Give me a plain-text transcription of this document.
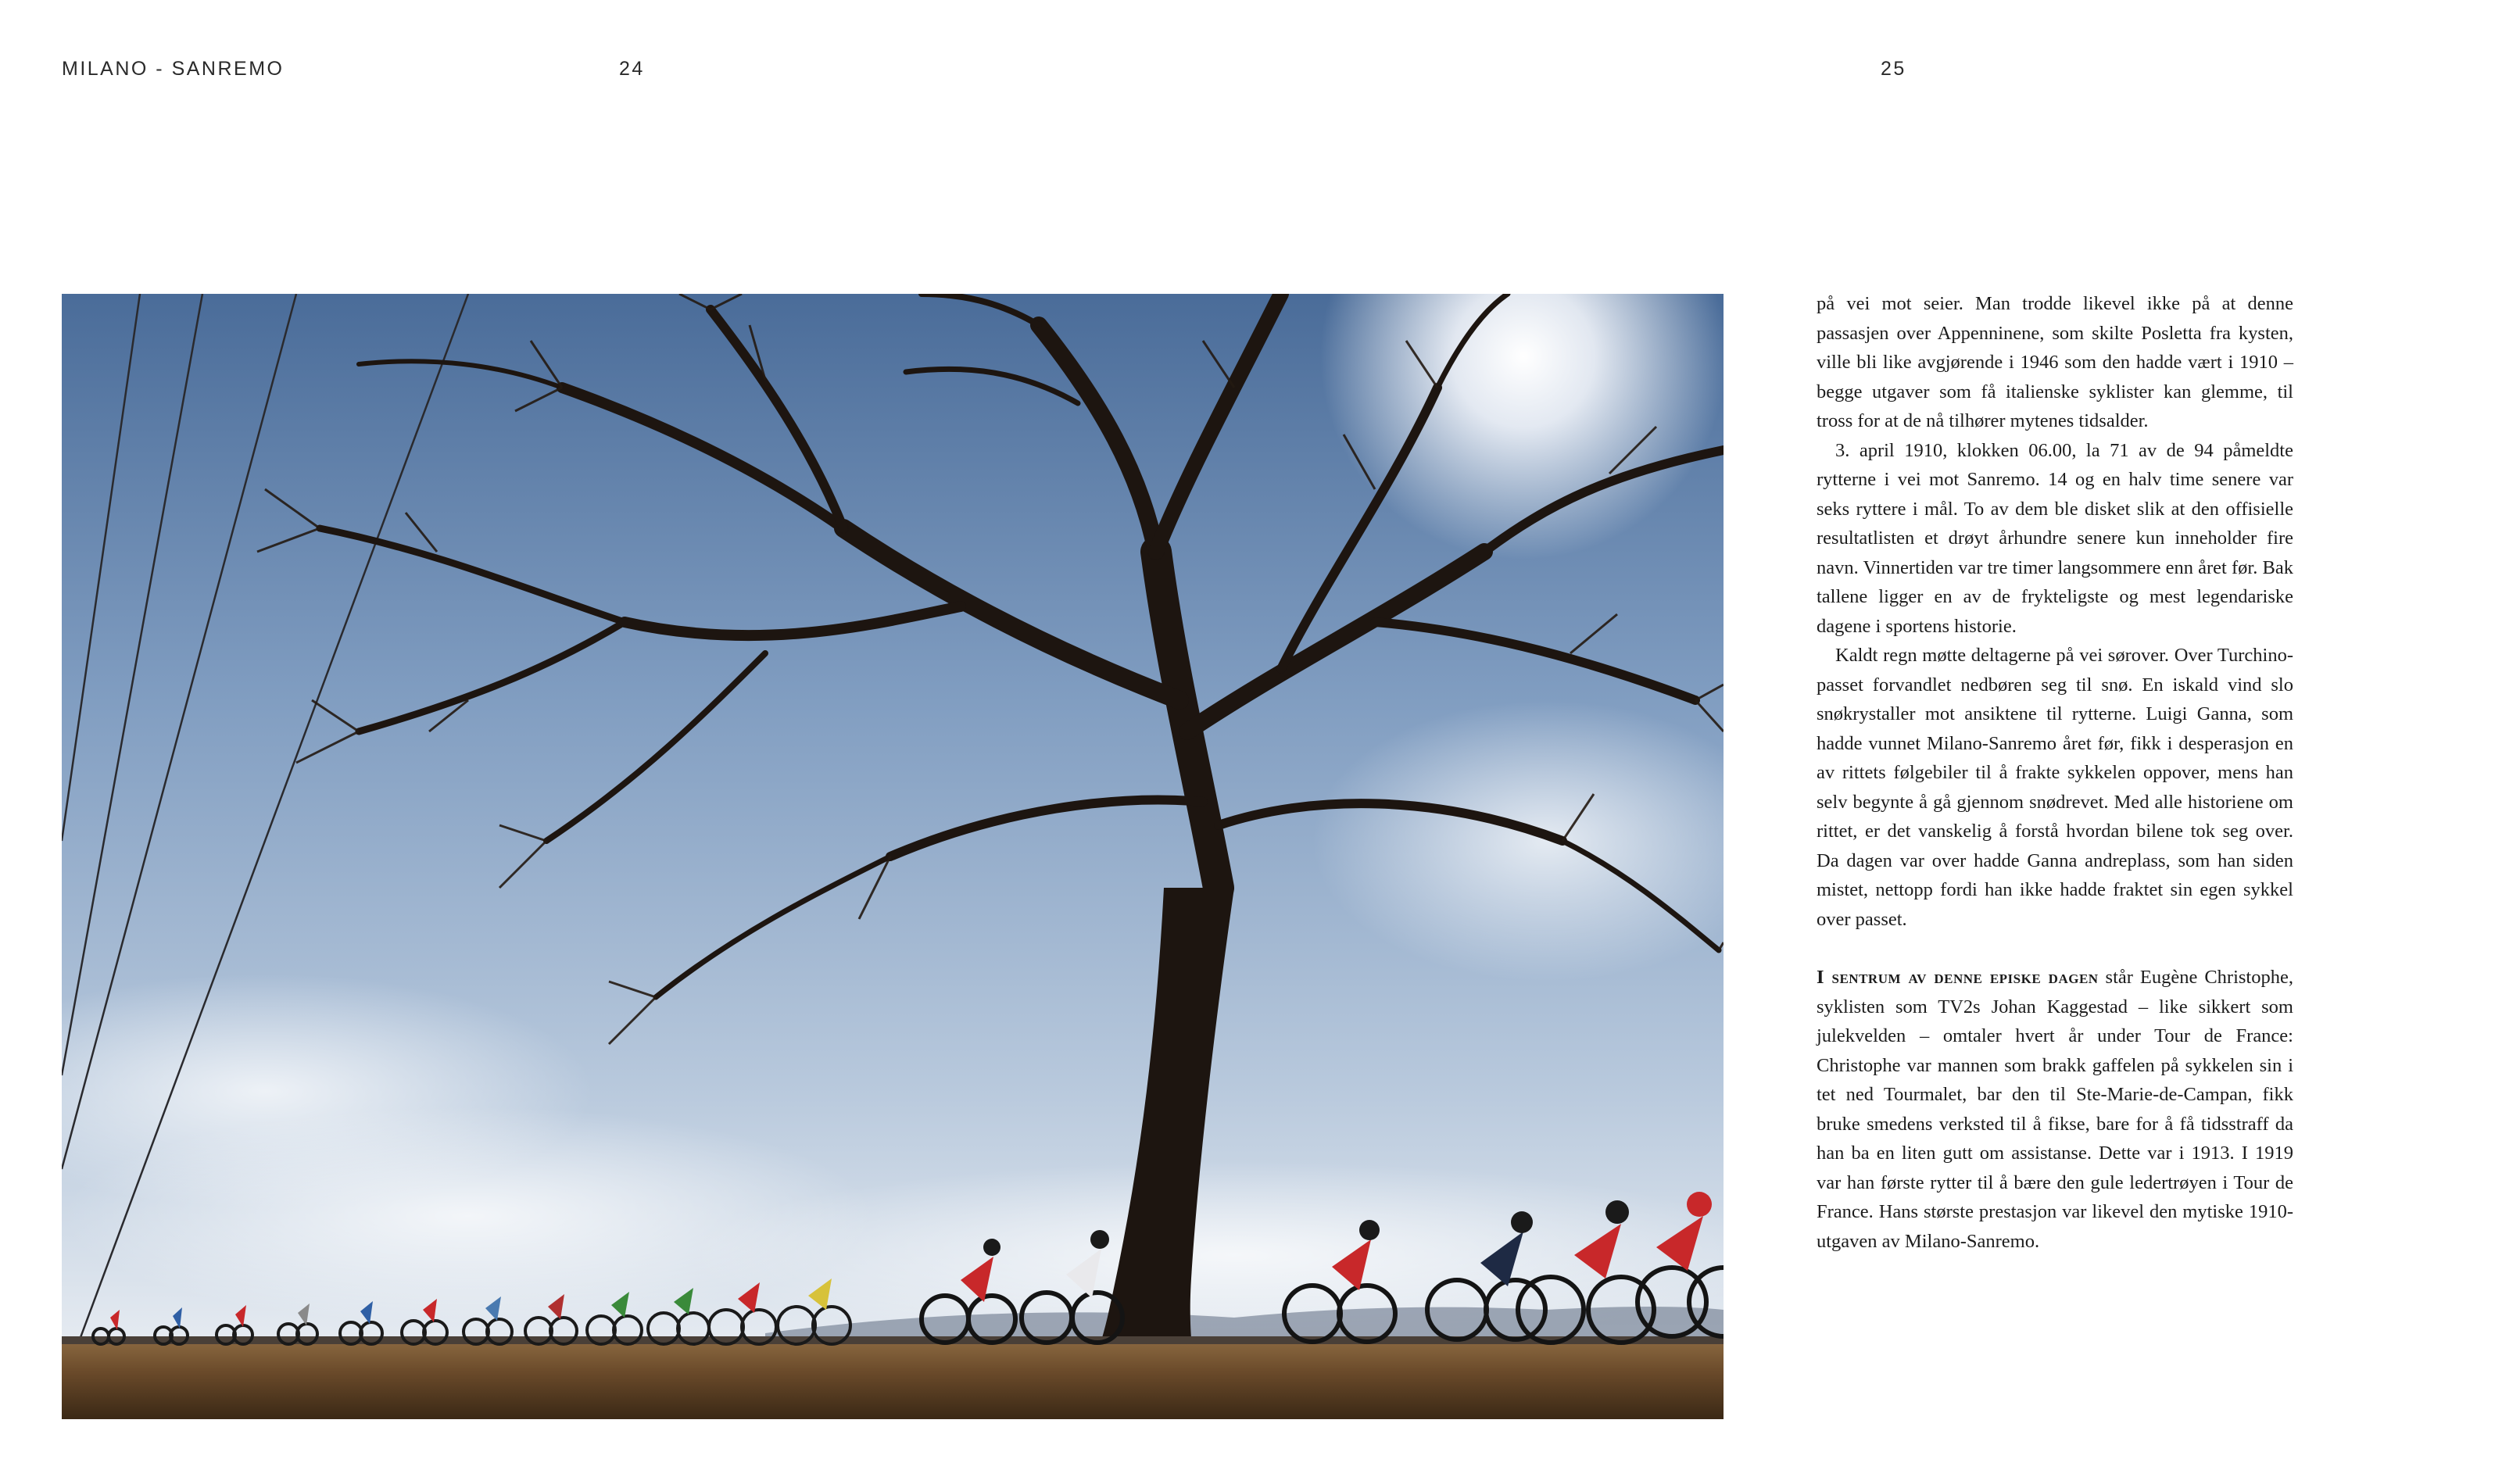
MILANO - SANREMO	24	25

på vei mot seier. Man trodde likevel ikke på at denne passasjen over Appenninene, som skilte Posletta fra kysten, ville bli like avgjørende i 1946 som den hadde vært i 1910 – begge utgaver som få italienske syklister kan glemme, til tross for at de nå tilhører mytenes tidsalder.

3. april 1910, klokken 06.00, la 71 av de 94 påmeldte rytterne i vei mot Sanremo. 14 og en halv time senere var seks ryttere i mål. To av dem ble disket slik at den offisielle resultatlisten et drøyt århundre senere kun inneholder fire navn. Vinnertiden var tre timer langsommere enn året før. Bak tallene ligger en av de frykteligste og mest legendariske dagene i sportens historie.

Kaldt regn møtte deltagerne på vei sørover. Over Turchino-passet forvandlet nedbøren seg til snø. En iskald vind slo snøkrystaller mot ansiktene til rytterne. Luigi Ganna, som hadde vunnet Milano-Sanremo året før, fikk i desperasjon en av rittets følgebiler til å frakte sykkelen oppover, mens han selv begynte å gå gjennom snødrevet. Med alle historiene om rittet, er det vanskelig å forstå hvordan bilene tok seg over. Da dagen var over hadde Ganna andreplass, som han siden mistet, nettopp fordi han ikke hadde fraktet sin egen sykkel over passet.

I sentrum av denne episke dagen står Eugène Christophe, syklisten som TV2s Johan Kaggestad – like sikkert som julekvelden – omtaler hvert år under Tour de France: Christophe var mannen som brakk gaffelen på sykkelen sin i tet ned Tourmalet, bar den til Ste-Marie-de-Campan, fikk bruke smedens verksted til å fikse, bare for å få tidsstraff da han ba en liten gutt om assistanse. Dette var i 1913. I 1919 var han første rytter til å bære den gule ledertrøyen i Tour de France. Hans største prestasjon var likevel den mytiske 1910-utgaven av Milano-Sanremo.
